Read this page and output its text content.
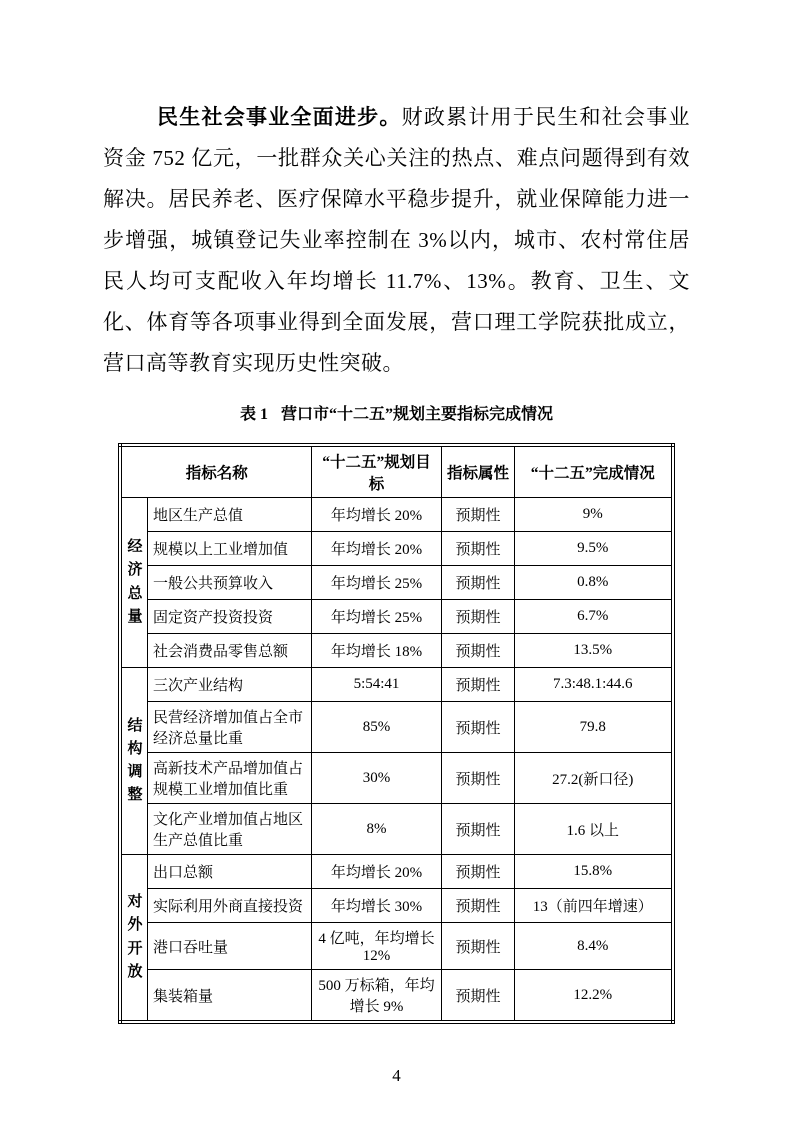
民生社会事业全面进步。财政累计用于民生和社会事业资金 752 亿元，一批群众关心关注的热点、难点问题得到有效解决。居民养老、医疗保障水平稳步提升，就业保障能力进一步增强，城镇登记失业率控制在 3%以内，城市、农村常住居民人均可支配收入年均增长 11.7%、13%。教育、卫生、文化、体育等各项事业得到全面发展，营口理工学院获批成立，营口高等教育实现历史性突破。

表 1 营口市“十二五”规划主要指标完成情况
指标名称		“十二五”规划目标	指标属性	“十二五”完成情况
经
济
总
量	地区生产总值	年均增长 20%	预期性	9%
	规模以上工业增加值	年均增长 20%	预期性	9.5%
	一般公共预算收入	年均增长 25%	预期性	0.8%
	固定资产投资投资	年均增长 25%	预期性	6.7%
	社会消费品零售总额	年均增长 18%	预期性	13.5%
结
构
调
整	三次产业结构	5:54:41	预期性	7.3:48.1:44.6
	民营经济增加值占全市经济总量比重	85%	预期性	79.8
	高新技术产品增加值占规模工业增加值比重	30%	预期性	27.2(新口径)
	文化产业增加值占地区生产总值比重	8%	预期性	1.6 以上
对
外
开
放	出口总额	年均增长 20%	预期性	15.8%
	实际利用外商直接投资	年均增长 30%	预期性	13（前四年增速）
	港口吞吐量	4 亿吨，年均增长 12%	预期性	8.4%
	集装箱量	500 万标箱，年均增长 9%	预期性	12.2%
4
